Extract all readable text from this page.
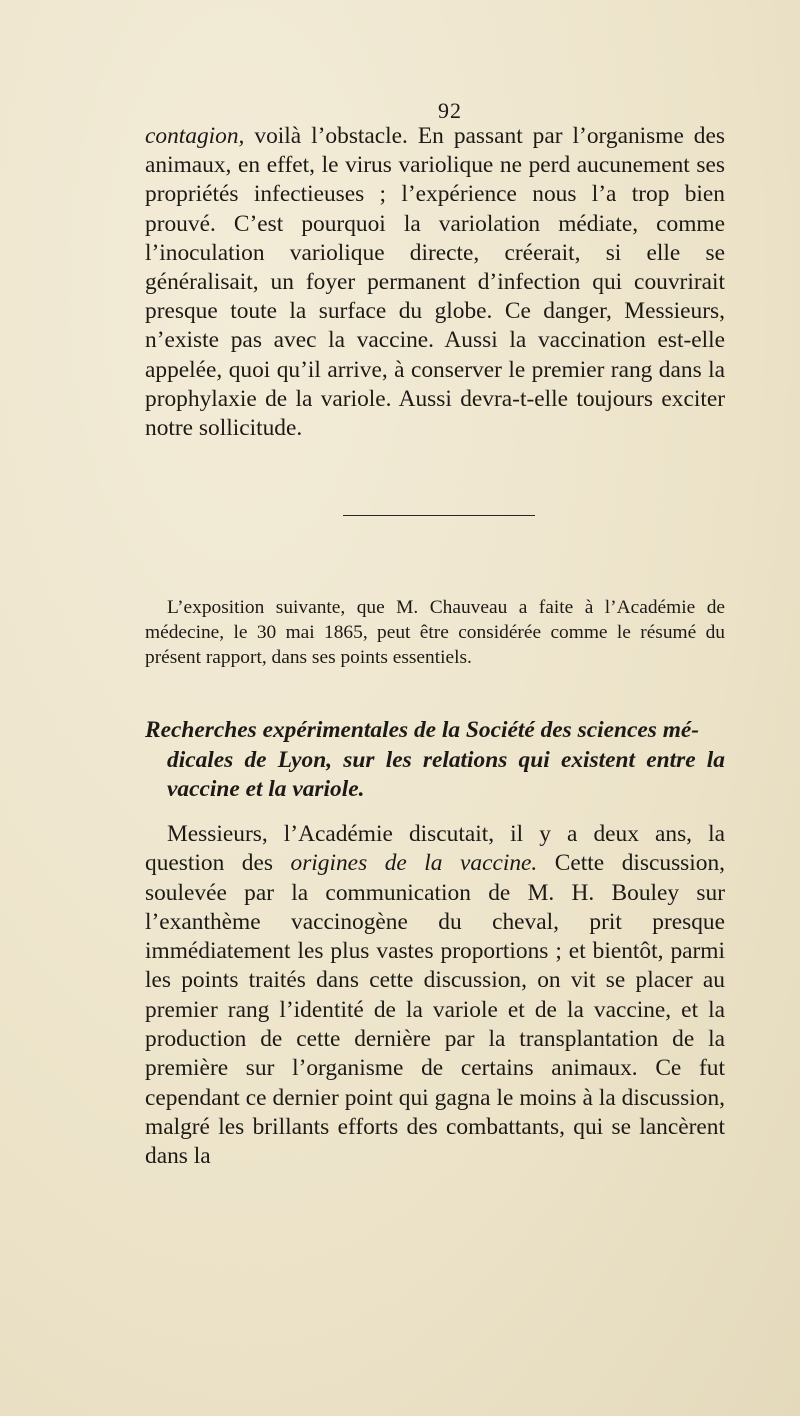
92

contagion, voilà l’obstacle. En passant par l’organisme des animaux, en effet, le virus variolique ne perd aucunement ses propriétés infectieuses ; l’expérience nous l’a trop bien prouvé. C’est pourquoi la variolation médiate, comme l’inoculation variolique directe, créerait, si elle se généralisait, un foyer permanent d’infection qui couvrirait presque toute la surface du globe. Ce danger, Messieurs, n’existe pas avec la vaccine. Aussi la vaccination est-elle appelée, quoi qu’il arrive, à conserver le premier rang dans la prophylaxie de la variole. Aussi devra-t-elle toujours exciter notre sollicitude.

L’exposition suivante, que M. Chauveau a faite à l’Académie de médecine, le 30 mai 1865, peut être considérée comme le résumé du présent rapport, dans ses points essentiels.

Recherches expérimentales de la Société des sciences mé-
dicales de Lyon, sur les relations qui existent entre la vaccine et la variole.

Messieurs, l’Académie discutait, il y a deux ans, la question des origines de la vaccine. Cette discussion, soulevée par la communication de M. H. Bouley sur l’exanthème vaccinogène du cheval, prit presque immédiatement les plus vastes proportions ; et bientôt, parmi les points traités dans cette discussion, on vit se placer au premier rang l’identité de la variole et de la vaccine, et la production de cette dernière par la transplantation de la première sur l’organisme de certains animaux. Ce fut cependant ce dernier point qui gagna le moins à la discussion, malgré les brillants efforts des combattants, qui se lancèrent dans la
